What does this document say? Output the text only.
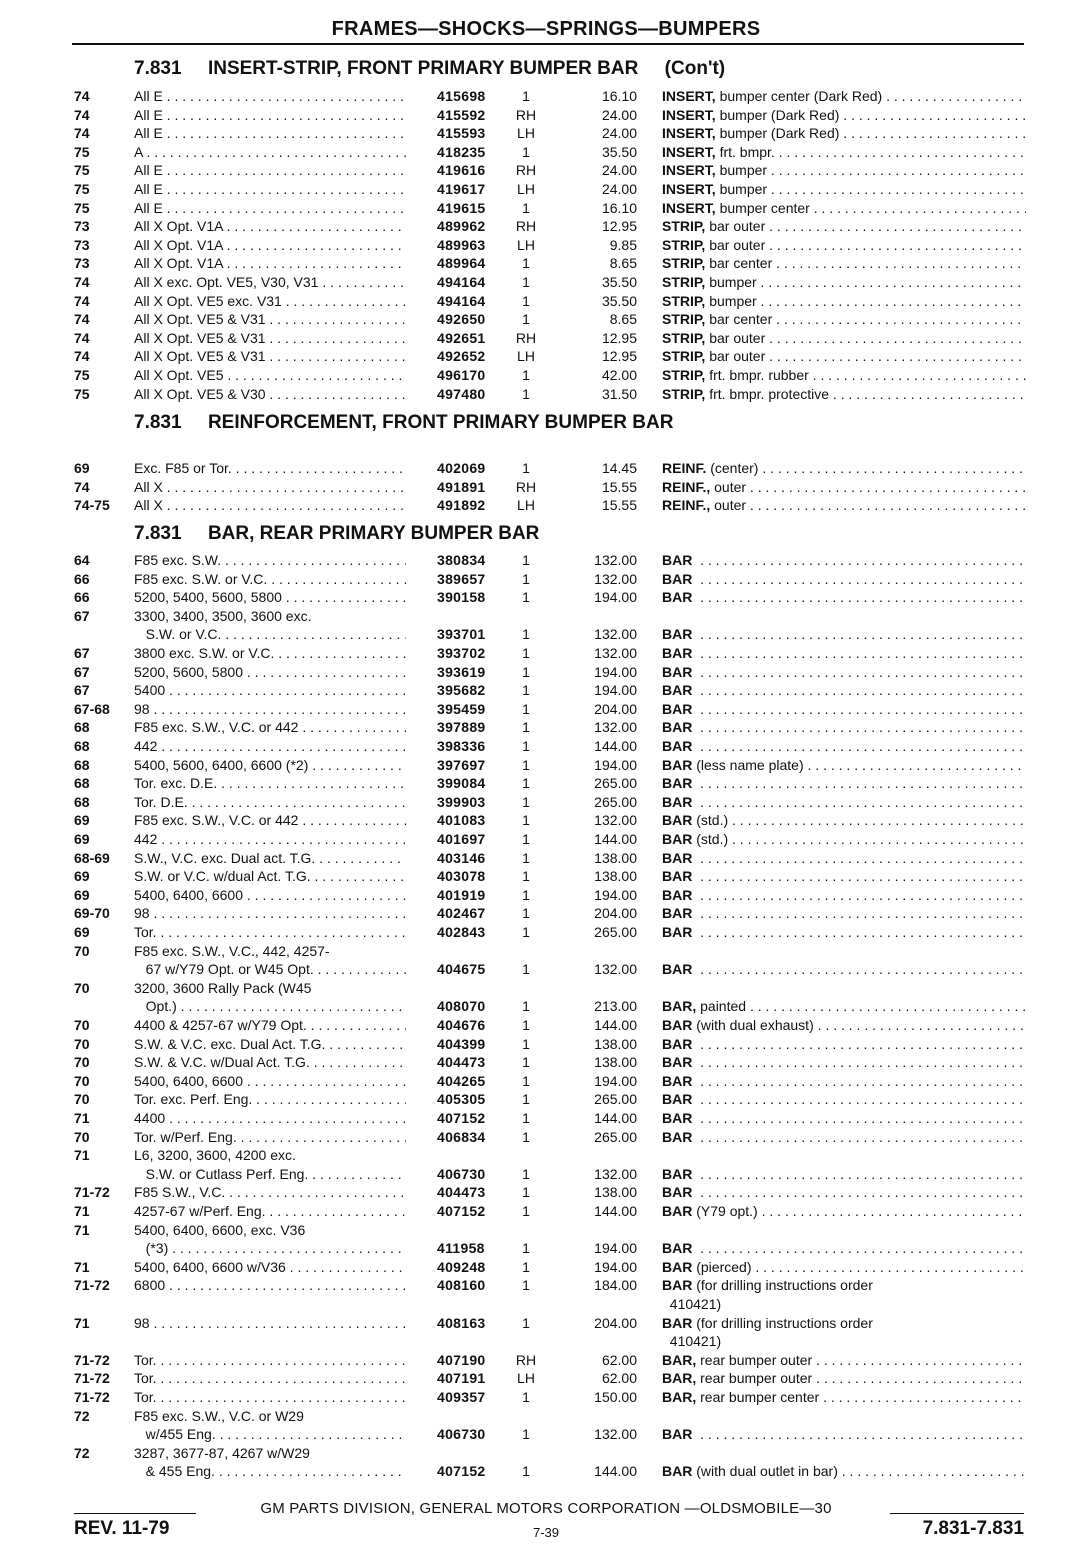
FRAMES—SHOCKS—SPRINGS—BUMPERS
7.831     INSERT-STRIP, FRONT PRIMARY BUMPER BAR     (Con't)
74	All E . . .	415698	1	16.10 INSERT, bumper center (Dark Red) . . .
74	All E . . .	415592	RH	24.00 INSERT, bumper (Dark Red) . . .
74	All E . . .	415593	LH	24.00 INSERT, bumper (Dark Red) . . .
75	A . . .	418235	1	35.50 INSERT, frt. bmpr. . . .
75	All E . . .	419616	RH	24.00 INSERT, bumper . . .
75	All E . . .	419617	LH	24.00 INSERT, bumper . . .
75	All E . . .	419615	1	16.10 INSERT, bumper center . . .
73	All X Opt. V1A . . .	489962	RH	12.95 STRIP, bar outer . . .
73	All X Opt. V1A . . .	489963	LH	9.85 STRIP, bar outer . . .
73	All X Opt. V1A . . .	489964	1	8.65 STRIP, bar center . . .
74	All X exc. Opt. VE5, V30, V31 . . .	494164	1	35.50 STRIP, bumper . . .
74	All X Opt. VE5 exc. V31 . . .	494164	1	35.50 STRIP, bumper . . .
74	All X Opt. VE5 & V31 . . .	492650	1	8.65 STRIP, bar center . . .
74	All X Opt. VE5 & V31 . . .	492651	RH	12.95 STRIP, bar outer . . .
74	All X Opt. VE5 & V31 . . .	492652	LH	12.95 STRIP, bar outer . . .
75	All X Opt. VE5 . . .	496170	1	42.00 STRIP, frt. bmpr. rubber . . .
75	All X Opt. VE5 & V30 . . .	497480	1	31.50 STRIP, frt. bmpr. protective . . .
7.831     REINFORCEMENT, FRONT PRIMARY BUMPER BAR
69	Exc. F85 or Tor. . . .	402069	1	14.45 REINF. (center) . . .
74	All X . . .	491891	RH	15.55 REINF., outer . . .
74-75 All X . . .	491892	LH	15.55 REINF., outer . . .
7.831     BAR, REAR PRIMARY BUMPER BAR
64	F85 exc. S.W. . . .	380834	1	132.00 BAR  . . .
66	F85 exc. S.W. or V.C. . . .	389657	1	132.00 BAR  . . .
66	5200, 5400, 5600, 5800 . . .	390158	1	194.00 BAR  . . .
67	3300, 3400, 3500, 3600 exc.

S.W. or V.C. . . .	393701	1	132.00 BAR  . . .
67	3800 exc. S.W. or V.C. . . .	393702	1	132.00 BAR  . . .
67	5200, 5600, 5800 . . .	393619	1	194.00 BAR  . . .
67	5400 . . .	395682	1	194.00 BAR  . . .
67-68 98 . . .	395459	1	204.00 BAR  . . .
68	F85 exc. S.W., V.C. or 442 . . .	397889	1	132.00 BAR  . . .
68	442 . . .	398336	1	144.00 BAR  . . .
68	5400, 5600, 6400, 6600 (*2) . . .	397697	1	194.00 BAR (less name plate) . . .
68	Tor. exc. D.E. . . .	399084	1	265.00 BAR  . . .
68	Tor. D.E. . . .	399903	1	265.00 BAR  . . .
69	F85 exc. S.W., V.C. or 442 . . .	401083	1	132.00 BAR (std.) . . .
69	442 . . .	401697	1	144.00 BAR (std.) . . .
68-69 S.W., V.C. exc. Dual act. T.G. . . .	403146	1	138.00 BAR  . . .
69	S.W. or V.C. w/dual Act. T.G. . . .	403078	1	138.00 BAR  . . .
69	5400, 6400, 6600 . . .	401919	1	194.00 BAR  . . .
69-70 98 . . .	402467	1	204.00 BAR  . . .
69	Tor. . . .	402843	1	265.00 BAR  . . .
70	F85 exc. S.W., V.C., 442, 4257-

67 w/Y79 Opt. or W45 Opt. . . .	404675	1	132.00 BAR  . . .
70	3200, 3600 Rally Pack (W45

Opt.) . . .	408070	1	213.00 BAR, painted . . .
70	4400 & 4257-67 w/Y79 Opt. . . .	404676	1	144.00 BAR (with dual exhaust) . . .
70	S.W. & V.C. exc. Dual Act. T.G. . . .	404399	1	138.00 BAR  . . .
70	S.W. & V.C. w/Dual Act. T.G. . . .	404473	1	138.00 BAR  . . .
70	5400, 6400, 6600 . . .	404265	1	194.00 BAR  . . .
70	Tor. exc. Perf. Eng. . . .	405305	1	265.00 BAR  . . .
71	4400 . . .	407152	1	144.00 BAR  . . .
70	Tor. w/Perf. Eng. . . .	406834	1	265.00 BAR  . . .
71	L6, 3200, 3600, 4200 exc.

S.W. or Cutlass Perf. Eng. . . .	406730	1	132.00 BAR  . . .
71-72 F85 S.W., V.C. . . .	404473	1	138.00 BAR  . . .
71	4257-67 w/Perf. Eng. . . .	407152	1	144.00 BAR (Y79 opt.) . . .
71	5400, 6400, 6600, exc. V36

(*3) . . .	411958	1	194.00 BAR  . . .
71	5400, 6400, 6600 w/V36 . . .	409248	1	194.00 BAR (pierced) . . .
71-72 6800 . . .	408160	1	184.00 BAR (for drilling instructions order
410421)
71	98 . . .	408163	1	204.00 BAR (for drilling instructions order
410421)
71-72 Tor. . . .	407190	RH	62.00 BAR, rear bumper outer . . .
71-72 Tor. . . .	407191	LH	62.00 BAR, rear bumper outer . . .
71-72 Tor. . . .	409357	1	150.00 BAR, rear bumper center . . .
72	F85 exc. S.W., V.C. or W29

w/455 Eng. . . .	406730	1	132.00 BAR  . . .
72	3287, 3677-87, 4267 w/W29

& 455 Eng. . . .	407152	1	144.00 BAR (with dual outlet in bar) . . .
GM PARTS DIVISION, GENERAL MOTORS CORPORATION —OLDSMOBILE—30
REV. 11-79	7-39	7.831-7.831
